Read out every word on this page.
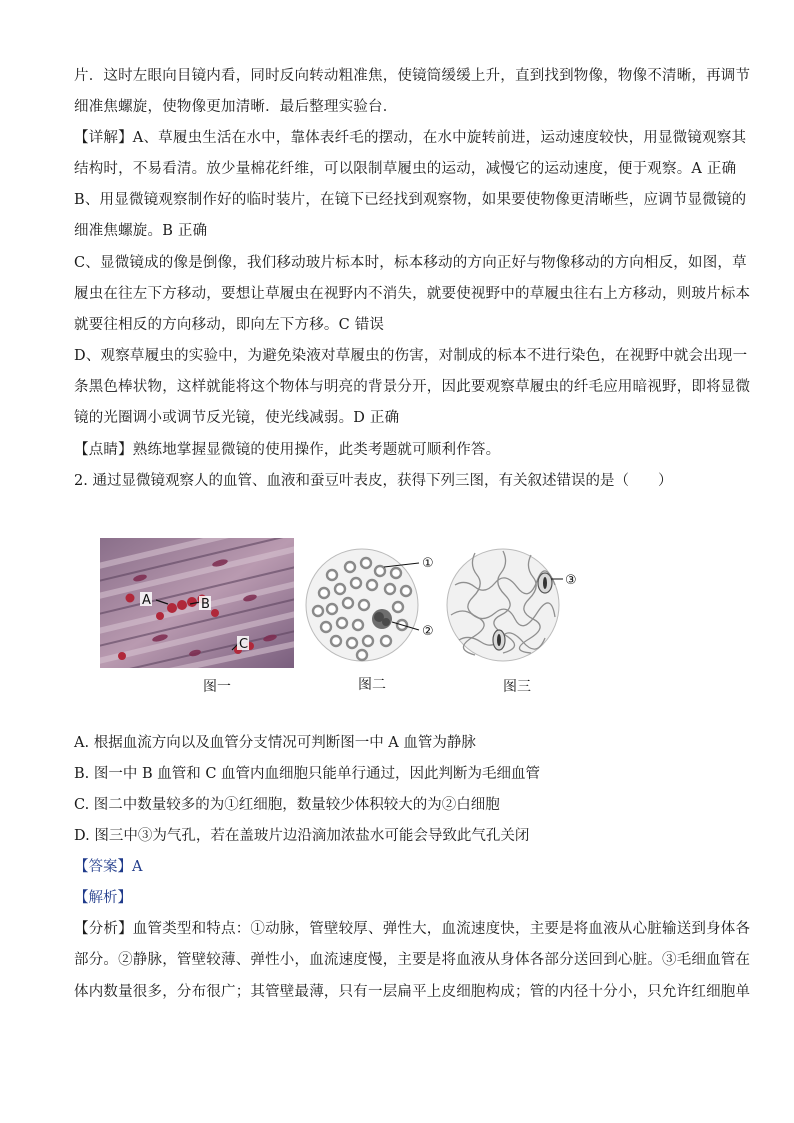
片．这时左眼向目镜内看，同时反向转动粗准焦，使镜筒缓缓上升，直到找到物像，物像不清晰，再调节
细准焦螺旋，使物像更加清晰．最后整理实验台．
【详解】A、草履虫生活在水中，靠体表纤毛的摆动，在水中旋转前进，运动速度较快，用显微镜观察其
结构时，不易看清。放少量棉花纤维，可以限制草履虫的运动，减慢它的运动速度，便于观察。A 正确
B、用显微镜观察制作好的临时装片，在镜下已经找到观察物，如果要使物像更清晰些，应调节显微镜的
细准焦螺旋。B 正确
C、显微镜成的像是倒像，我们移动玻片标本时，标本移动的方向正好与物像移动的方向相反，如图，草
履虫在往左下方移动，要想让草履虫在视野内不消失，就要使视野中的草履虫往右上方移动，则玻片标本
就要往相反的方向移动，即向左下方移。C 错误
D、观察草履虫的实验中，为避免染液对草履虫的伤害，对制成的标本不进行染色，在视野中就会出现一
条黑色棒状物，这样就能将这个物体与明亮的背景分开，因此要观察草履虫的纤毛应用暗视野，即将显微
镜的光圈调小或调节反光镜，使光线减弱。D 正确
【点睛】熟练地掌握显微镜的使用操作，此类考题就可顺利作答。
2. 通过显微镜观察人的血管、血液和蚕豆叶表皮，获得下列三图，有关叙述错误的是（　　）
A	B
C
①
②
③
图一	图二	图三
A. 根据血流方向以及血管分支情况可判断图一中 A 血管为静脉
B. 图一中 B 血管和 C 血管内血细胞只能单行通过，因此判断为毛细血管
C. 图二中数量较多的为①红细胞，数量较少体积较大的为②白细胞
D. 图三中③为气孔，若在盖玻片边沿滴加浓盐水可能会导致此气孔关闭
【答案】A
【解析】
【分析】血管类型和特点：①动脉，管壁较厚、弹性大，血流速度快，主要是将血液从心脏输送到身体各
部分。②静脉，管壁较薄、弹性小，血流速度慢，主要是将血液从身体各部分送回到心脏。③毛细血管在
体内数量很多，分布很广；其管壁最薄，只有一层扁平上皮细胞构成；管的内径十分小，只允许红细胞单
